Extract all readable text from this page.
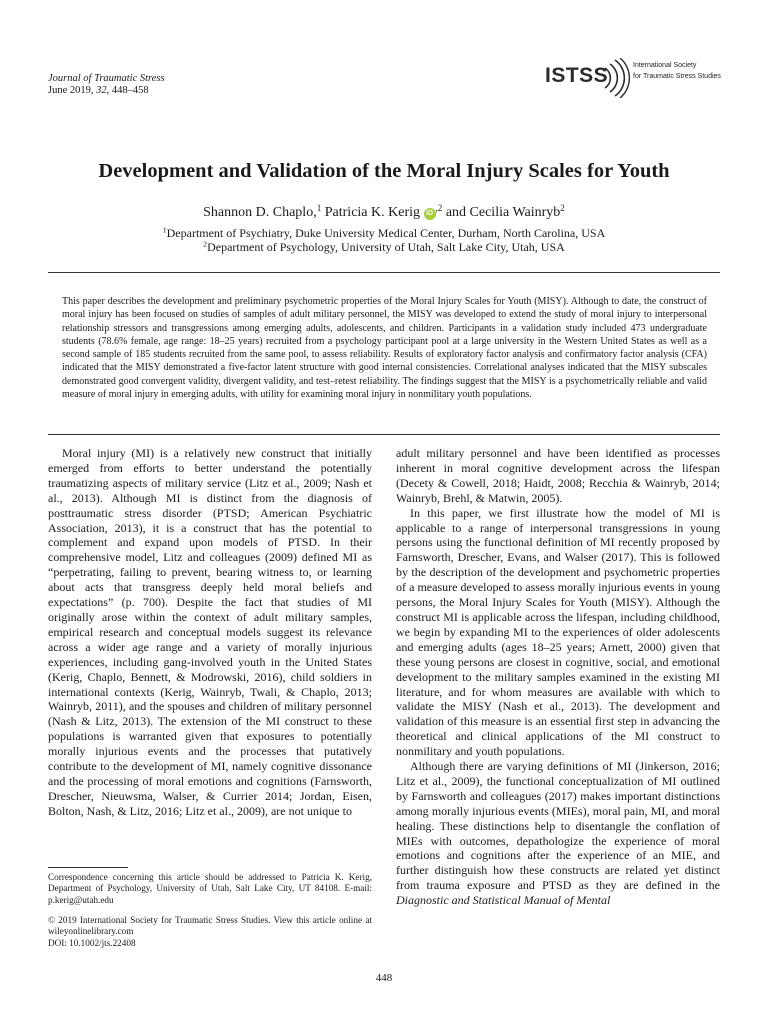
Journal of Traumatic Stress
June 2019, 32, 448–458
ISTSS	International Society
for Traumatic Stress Studies
Development and Validation of the Moral Injury Scales for Youth
Shannon D. Chaplo,$^1$ Patricia K. Kerig $iD^{,2}$ and Cecilia Wainryb$^2$
$^1$Department of Psychiatry, Duke University Medical Center, Durham, North Carolina, USA
$^2$Department of Psychology, University of Utah, Salt Lake City, Utah, USA
This paper describes the development and preliminary psychometric properties of the Moral Injury Scales for Youth (MISY). Although to date, the construct of moral injury has been focused on studies of samples of adult military personnel, the MISY was developed to extend the study of moral injury to interpersonal relationship stressors and transgressions among emerging adults, adolescents, and children. Participants in a validation study included 473 undergraduate students (78.6% female, age range: 18–25 years) recruited from a psychology participant pool at a large university in the Western United States as well as a second sample of 185 students recruited from the same pool, to assess reliability. Results of exploratory factor analysis and confirmatory factor analysis (CFA) indicated that the MISY demonstrated a five-factor latent structure with good internal consistencies. Correlational analyses indicated that the MISY subscales demonstrated good convergent validity, divergent validity, and test–retest reliability. The findings suggest that the MISY is a psychometrically reliable and valid measure of moral injury in emerging adults, with utility for examining moral injury in nonmilitary youth populations.

Moral injury (MI) is a relatively new construct that initially emerged from efforts to better understand the potentially traumatizing aspects of military service (Litz et al., 2009; Nash et al., 2013). Although MI is distinct from the diagnosis of posttraumatic stress disorder (PTSD; American Psychiatric Association, 2013), it is a construct that has the potential to complement and expand upon models of PTSD. In their comprehensive model, Litz and colleagues (2009) defined MI as “perpetrating, failing to prevent, bearing witness to, or learning about acts that transgress deeply held moral beliefs and expectations” (p. 700). Despite the fact that studies of MI originally arose within the context of adult military samples, empirical research and conceptual models suggest its relevance across a wider age range and a variety of morally injurious experiences, including gang-involved youth in the United States (Kerig, Chaplo, Bennett, & Modrowski, 2016), child soldiers in international contexts (Kerig, Wainryb, Twali, & Chaplo, 2013; Wainryb, 2011), and the spouses and children of military personnel (Nash & Litz, 2013). The extension of the MI construct to these populations is warranted given that exposures to potentially morally injurious events and the processes that putatively contribute to the development of MI, namely cognitive dissonance and the processing of moral emotions and cognitions (Farnsworth, Drescher, Nieuwsma, Walser, & Currier 2014; Jordan, Eisen, Bolton, Nash, & Litz, 2016; Litz et al., 2009), are not unique to

adult military personnel and have been identified as processes inherent in moral cognitive development across the lifespan (Decety & Cowell, 2018; Haidt, 2008; Recchia & Wainryb, 2014; Wainryb, Brehl, & Matwin, 2005).

In this paper, we first illustrate how the model of MI is applicable to a range of interpersonal transgressions in young persons using the functional definition of MI recently proposed by Farnsworth, Drescher, Evans, and Walser (2017). This is followed by the description of the development and psychometric properties of a measure developed to assess morally injurious events in young persons, the Moral Injury Scales for Youth (MISY). Although the construct MI is applicable across the lifespan, including childhood, we begin by expanding MI to the experiences of older adolescents and emerging adults (ages 18–25 years; Arnett, 2000) given that these young persons are closest in cognitive, social, and emotional development to the military samples examined in the existing MI literature, and for whom measures are available with which to validate the MISY (Nash et al., 2013). The development and validation of this measure is an essential first step in advancing the theoretical and clinical applications of the MI construct to nonmilitary and youth populations.

Although there are varying definitions of MI (Jinkerson, 2016; Litz et al., 2009), the functional conceptualization of MI outlined by Farnsworth and colleagues (2017) makes important distinctions among morally injurious events (MIEs), moral pain, MI, and moral healing. These distinctions help to disentangle the conflation of MIEs with outcomes, depathologize the experience of moral emotions and cognitions after the experience of an MIE, and further distinguish how these constructs are related yet distinct from trauma exposure and PTSD as they are defined in the Diagnostic and Statistical Manual of Mental

Correspondence concerning this article should be addressed to Patricia K. Kerig, Department of Psychology, University of Utah, Salt Lake City, UT 84108. E-mail: p.kerig@utah.edu
© 2019 International Society for Traumatic Stress Studies. View this article online at wileyonlinelibrary.com
DOI: 10.1002/jts.22408
448
